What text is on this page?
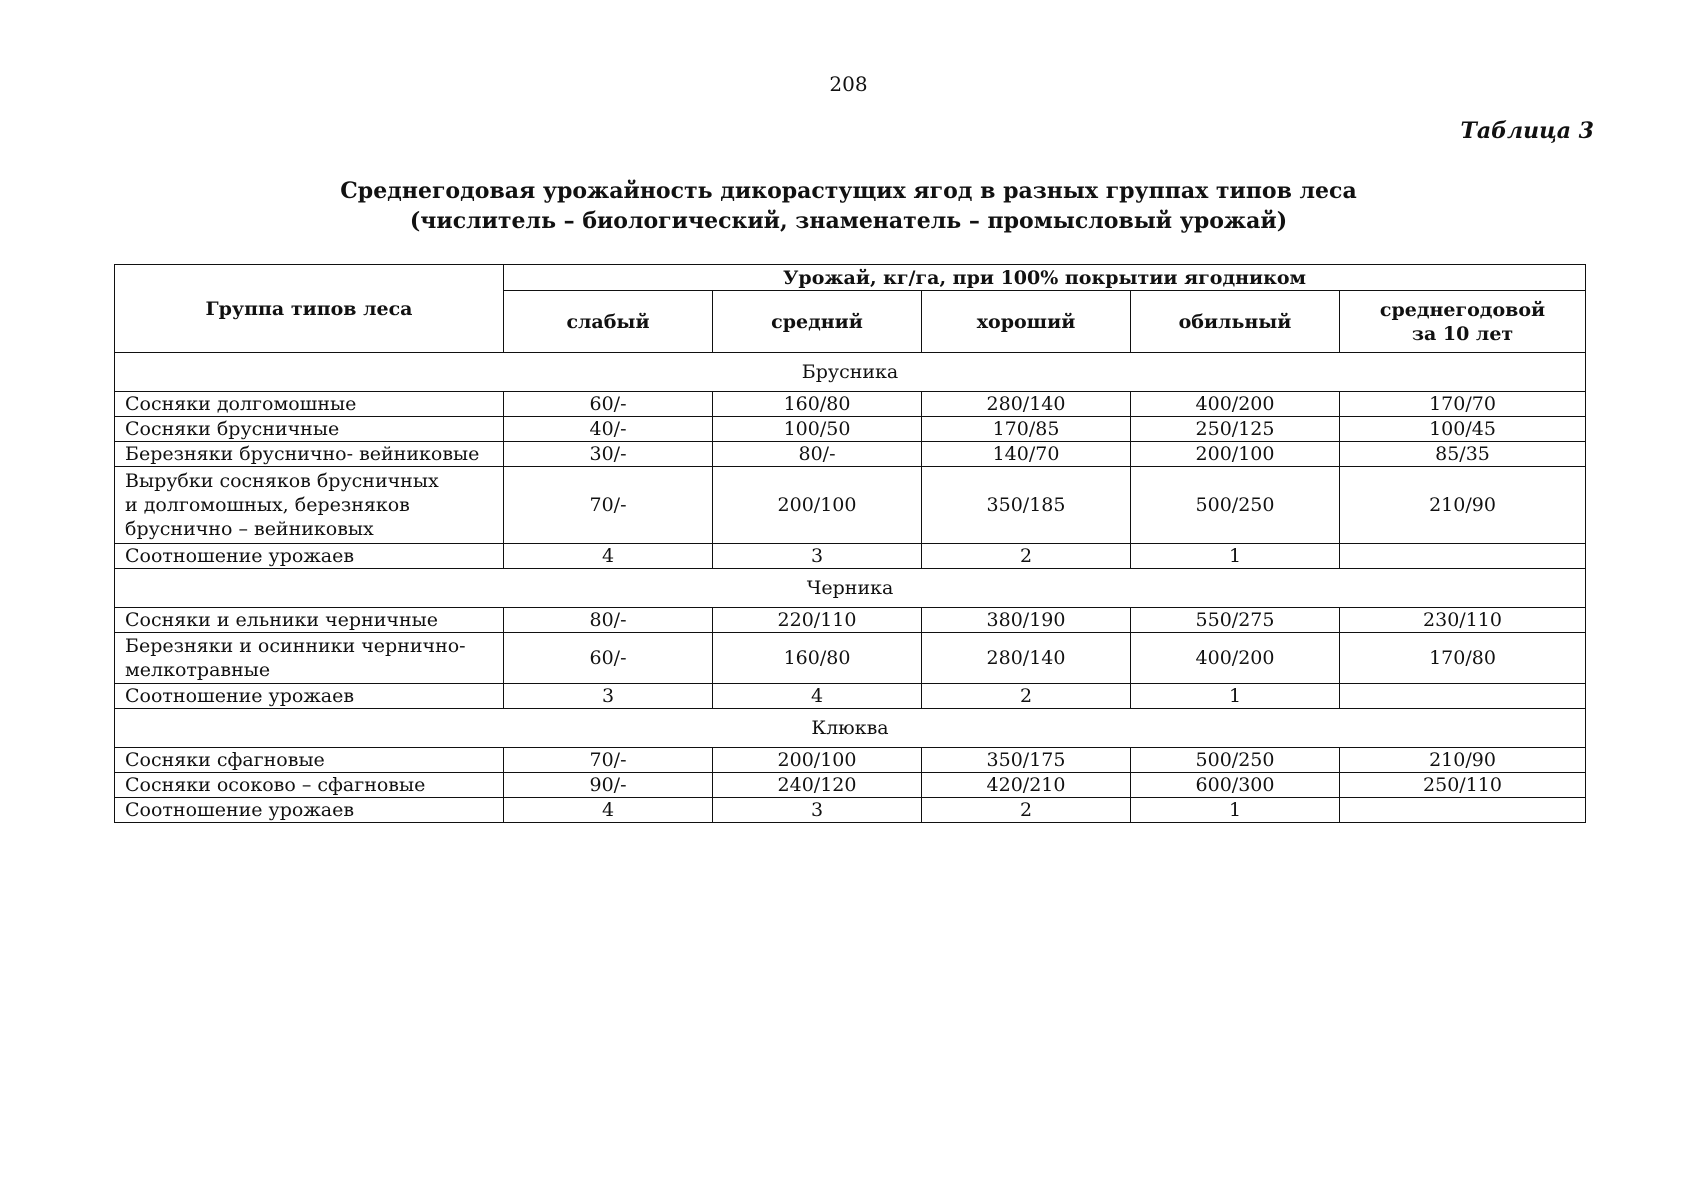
208
Таблица 3
Среднегодовая урожайность дикорастущих ягод в разных группах типов леса
(числитель – биологический, знаменатель – промысловый урожай)
Группа типов леса	Урожай, кг/га, при 100% покрытии ягодником				
	слабый	средний	хороший	обильный	среднегодовой
за 10 лет

Брусника					

Сосняки долгомошные	60/-	160/80	280/140	400/200	170/70

Сосняки брусничные	40/-	100/50	170/85	250/125	100/45

Березняки бруснично- вейниковые	30/-	80/-	140/70	200/100	85/35

Вырубки сосняков брусничных
и долгомошных, березняков
бруснично – вейниковых	70/-	200/100	350/185	500/250	210/90

Соотношение урожаев	4	3	2	1	
Черника					

Сосняки и ельники черничные	80/-	220/110	380/190	550/275	230/110

Березняки и осинники чернично-
мелкотравные	60/-	160/80	280/140	400/200	170/80

Соотношение урожаев	3	4	2	1	
Клюква					

Сосняки сфагновые	70/-	200/100	350/175	500/250	210/90

Сосняки осоково – сфагновые	90/-	240/120	420/210	600/300	250/110

Соотношение урожаев	4	3	2	1	
